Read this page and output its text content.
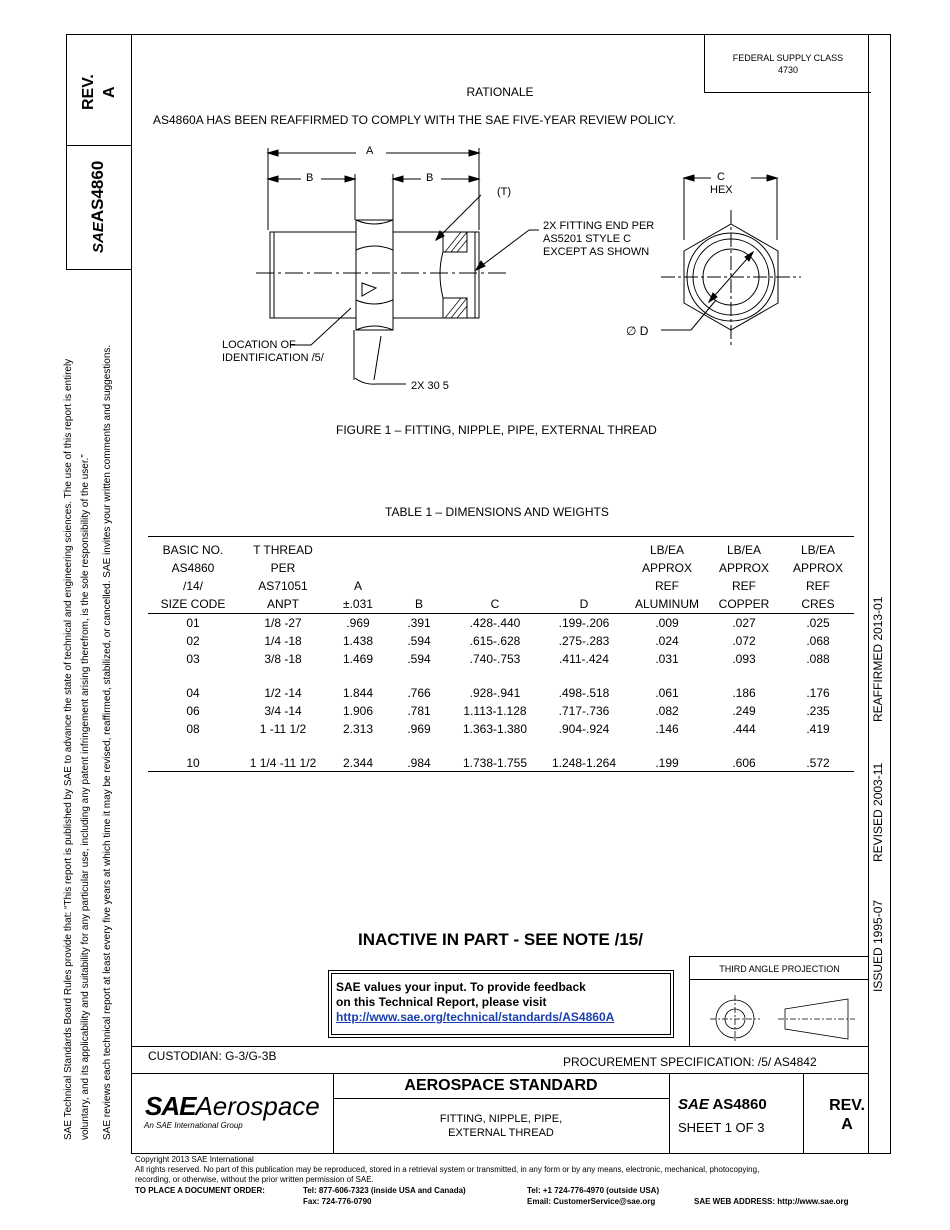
FEDERAL SUPPLY CLASS
4730
REV. A
SAEAS4860
SAE Technical Standards Board Rules provide that: “This report is published by SAE to advance the state of technical and engineering sciences. The use of this report is entirely voluntary, and its applicability and suitability for any particular use, including any patent infringement arising therefrom, is the sole responsibility of the user.” SAE reviews each technical report at least every five years at which time it may be revised, reaffirmed, stabilized, or cancelled. SAE invites your written comments and suggestions.	REAFFIRMED 2013-01
REVISED 2003-11
ISSUED 1995-07
RATIONALE
AS4860A HAS BEEN REAFFIRMED TO COMPLY WITH THE SAE FIVE-YEAR REVIEW POLICY.
A
B	B
(T)
C
HEX
2X FITTING END PER
AS5201 STYLE C
EXCEPT AS SHOWN
∅ D
LOCATION OF
IDENTIFICATION /5/
2X 30 5
FIGURE 1 – FITTING, NIPPLE, PIPE, EXTERNAL THREAD
TABLE 1 – DIMENSIONS AND WEIGHTS
BASIC NO.	T THREAD					LB/EA	LB/EA	LB/EA
AS4860	PER					APPROX	APPROX	APPROX
/14/	AS71051	A				REF	REF	REF
SIZE CODE	ANPT	±.031	B	C	D	ALUMINUM	COPPER	CRES
01	1/8 -27	.969	.391	.428-.440	.199-.206	.009	.027	.025
02	1/4 -18	1.438	.594	.615-.628	.275-.283	.024	.072	.068
03	3/8 -18	1.469	.594	.740-.753	.411-.424	.031	.093	.088

04	1/2 -14	1.844	.766	.928-.941	.498-.518	.061	.186	.176
06	3/4 -14	1.906	.781	1.113-1.128	.717-.736	.082	.249	.235
08	1 -11 1/2	2.313	.969	1.363-1.380	.904-.924	.146	.444	.419

10	1 1/4 -11 1/2	2.344	.984	1.738-1.755	1.248-1.264	.199	.606	.572
INACTIVE IN PART - SEE NOTE /15/
SAE values your input. To provide feedback
on this Technical Report, please visit
http://www.sae.org/technical/standards/AS4860A
THIRD ANGLE PROJECTION
CUSTODIAN: G-3/G-3B	PROCUREMENT SPECIFICATION: /5/ AS4842
SAEAerospace
An SAE International Group
AEROSPACE STANDARD
FITTING, NIPPLE, PIPE,
EXTERNAL THREAD
SAE AS4860
SHEET 1 OF 3
REV.
A
Copyright 2013 SAE International
All rights reserved. No part of this publication may be reproduced, stored in a retrieval system or transmitted, in any form or by any means, electronic, mechanical, photocopying,
recording, or otherwise, without the prior written permission of SAE.
TO PLACE A DOCUMENT ORDER:	Tel: 877-606-7323 (inside USA and Canada)
Fax: 724-776-0790
Tel: +1 724-776-4970 (outside USA)
Email: CustomerService@sae.org	SAE WEB ADDRESS: http://www.sae.org
